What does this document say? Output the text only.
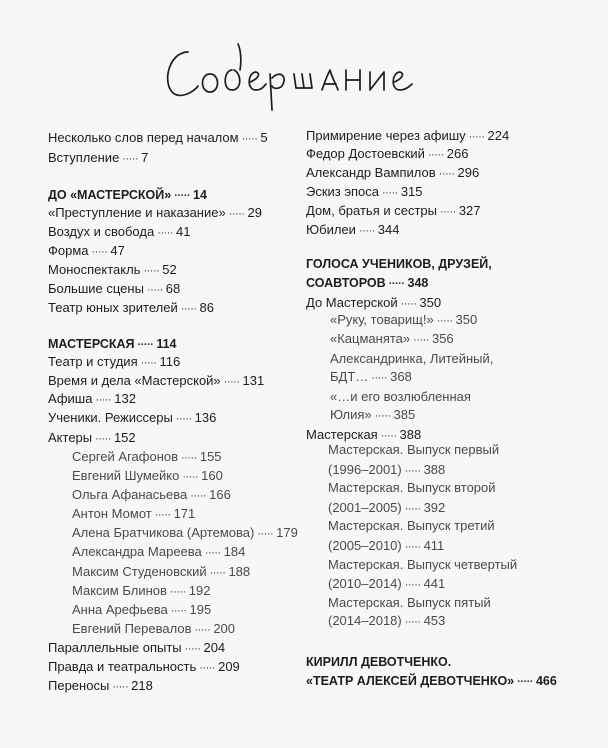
Несколько слов перед началом ····· 5
Вступление ····· 7
ДО «МАСТЕРСКОЙ» ····· 14
«Преступление и наказание» ····· 29
Воздух и свобода ····· 41
Форма ····· 47
Моноспектакль ····· 52
Большие сцены ····· 68
Театр юных зрителей ····· 86
МАСТЕРСКАЯ ····· 114
Театр и студия ····· 116
Время и дела «Мастерской» ····· 131
Афиша ····· 132
Ученики. Режиссеры ····· 136
Актеры ····· 152
Сергей Агафонов ····· 155
Евгений Шумейко ····· 160
Ольга Афанасьева ····· 166
Антон Момот ····· 171
Алена Братчикова (Артемова) ····· 179
Александра Мареева ····· 184
Максим Студеновский ····· 188
Максим Блинов ····· 192
Анна Арефьева ····· 195
Евгений Перевалов ····· 200
Параллельные опыты ····· 204
Правда и театральность ····· 209
Переносы ····· 218
Примирение через афишу ····· 224
Федор Достоевский ····· 266
Александр Вампилов ····· 296
Эскиз эпоса ····· 315
Дом, братья и сестры ····· 327
Юбилеи ····· 344
ГОЛОСА УЧЕНИКОВ, ДРУЗЕЙ,
СОАВТОРОВ ····· 348
До Мастерской ····· 350
«Руку, товарищ!» ····· 350
«Кацманята» ····· 356
Александринка, Литейный,
БДТ… ····· 368
«…и его возлюбленная
Юлия» ····· 385
Мастерская ····· 388
Мастерская. Выпуск первый
(1996–2001) ····· 388
Мастерская. Выпуск второй
(2001–2005) ····· 392
Мастерская. Выпуск третий
(2005–2010) ····· 411
Мастерская. Выпуск четвертый
(2010–2014) ····· 441
Мастерская. Выпуск пятый
(2014–2018) ····· 453
КИРИЛЛ ДЕВОТЧЕНКО.
«ТЕАТР АЛЕКСЕЙ ДЕВОТЧЕНКО» ····· 466
